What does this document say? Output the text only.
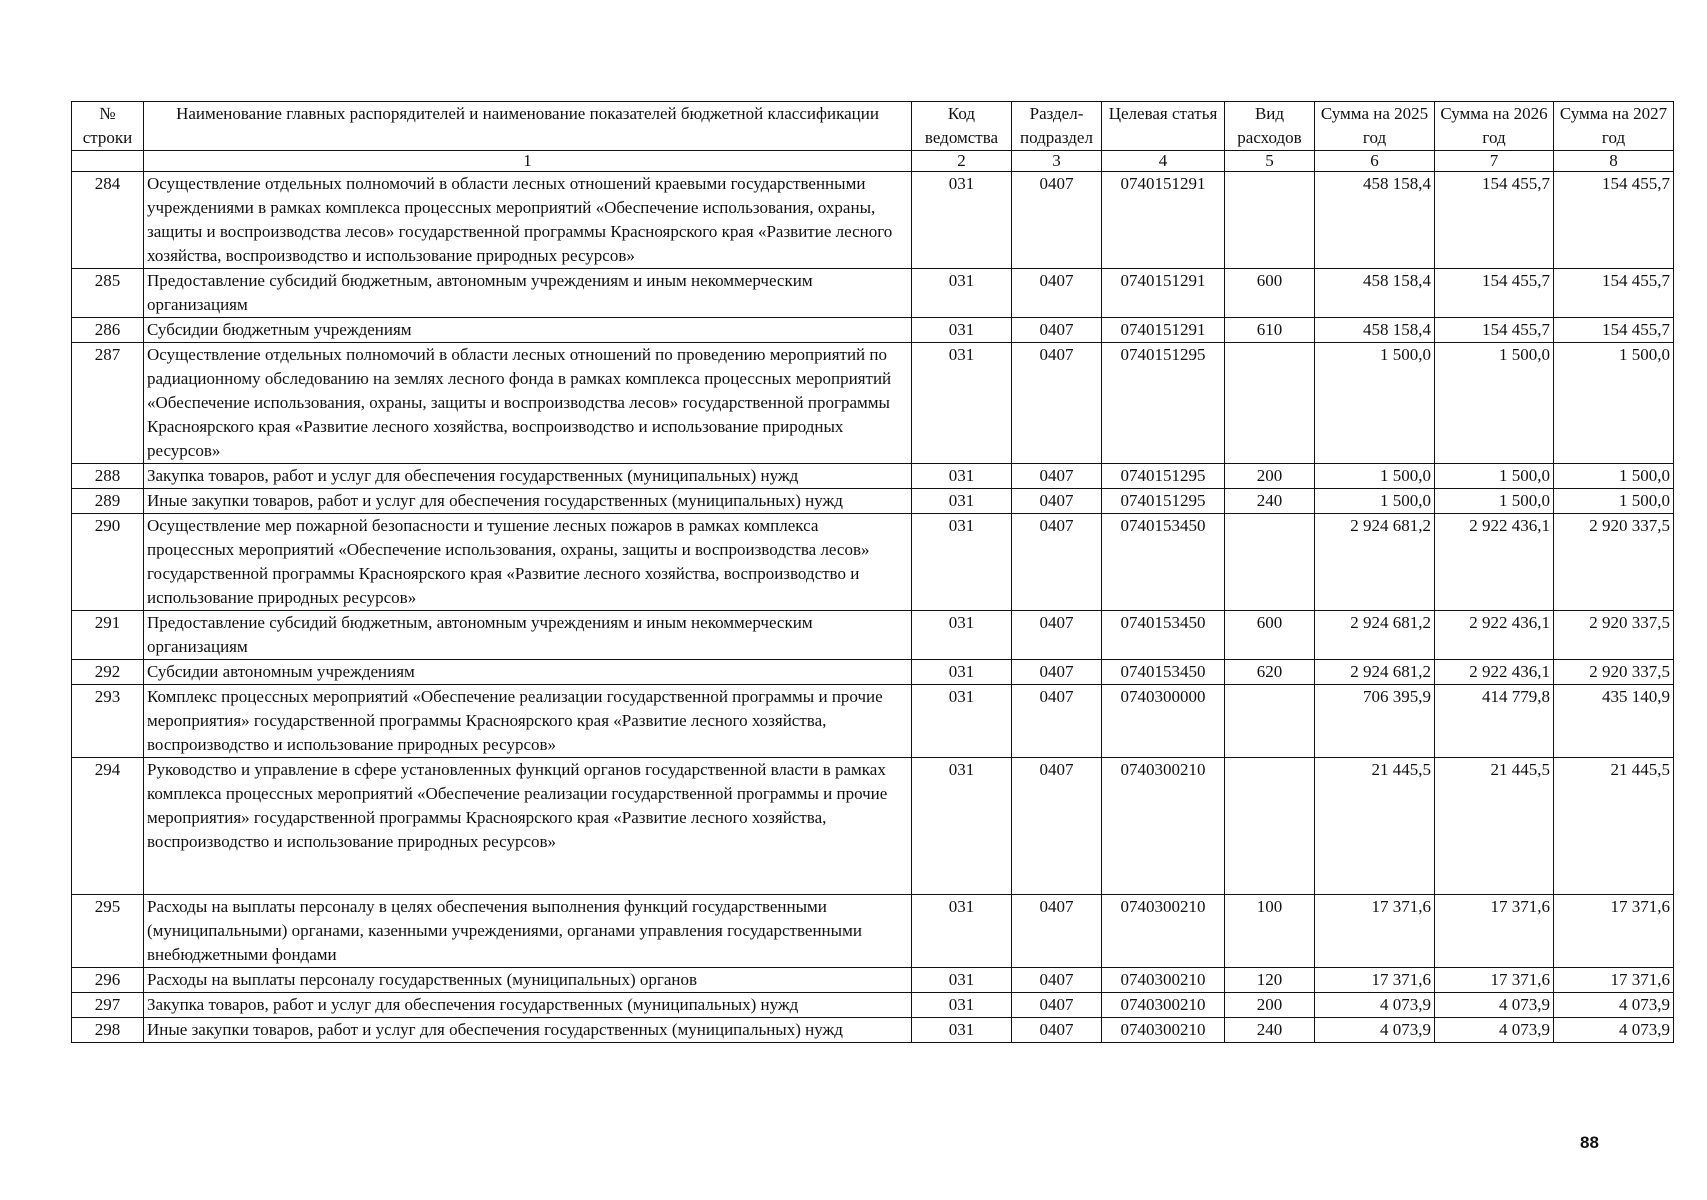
№ строки	Наименование главных распорядителей и наименование показателей бюджетной классификации	Код ведомства	Раздел-подраздел	Целевая статья	Вид расходов	Сумма на 2025 год	Сумма на 2026 год	Сумма на 2027 год
	1	2	3	4	5	6	7	8
284	Осуществление отдельных полномочий в области лесных отношений краевыми государственными учреждениями в рамках комплекса процессных мероприятий «Обеспечение использования, охраны, защиты и воспроизводства лесов» государственной программы Красноярского края «Развитие лесного хозяйства, воспроизводство и использование природных ресурсов»	031	0407	0740151291		458 158,4	154 455,7	154 455,7
285	Предоставление субсидий бюджетным, автономным учреждениям и иным некоммерческим организациям	031	0407	0740151291	600	458 158,4	154 455,7	154 455,7
286	Субсидии бюджетным учреждениям	031	0407	0740151291	610	458 158,4	154 455,7	154 455,7
287	Осуществление отдельных полномочий в области лесных отношений по проведению мероприятий по радиационному обследованию на землях лесного фонда в рамках комплекса процессных мероприятий «Обеспечение использования, охраны, защиты и воспроизводства лесов» государственной программы Красноярского края «Развитие лесного хозяйства, воспроизводство и использование природных ресурсов»	031	0407	0740151295		1 500,0	1 500,0	1 500,0
288	Закупка товаров, работ и услуг для обеспечения государственных (муниципальных) нужд	031	0407	0740151295	200	1 500,0	1 500,0	1 500,0
289	Иные закупки товаров, работ и услуг для обеспечения государственных (муниципальных) нужд	031	0407	0740151295	240	1 500,0	1 500,0	1 500,0
290	Осуществление мер пожарной безопасности и тушение лесных пожаров в рамках комплекса процессных мероприятий «Обеспечение использования, охраны, защиты и воспроизводства лесов» государственной программы Красноярского края «Развитие лесного хозяйства, воспроизводство и использование природных ресурсов»	031	0407	0740153450		2 924 681,2	2 922 436,1	2 920 337,5
291	Предоставление субсидий бюджетным, автономным учреждениям и иным некоммерческим организациям	031	0407	0740153450	600	2 924 681,2	2 922 436,1	2 920 337,5
292	Субсидии автономным учреждениям	031	0407	0740153450	620	2 924 681,2	2 922 436,1	2 920 337,5
293	Комплекс процессных мероприятий «Обеспечение реализации государственной программы и прочие мероприятия» государственной программы Красноярского края «Развитие лесного хозяйства, воспроизводство и использование природных ресурсов»	031	0407	0740300000		706 395,9	414 779,8	435 140,9
294	Руководство и управление в сфере установленных функций органов государственной власти в рамках комплекса процессных мероприятий «Обеспечение реализации государственной программы и прочие мероприятия» государственной программы Красноярского края «Развитие лесного хозяйства, воспроизводство и использование природных ресурсов»	031	0407	0740300210		21 445,5	21 445,5	21 445,5
295	Расходы на выплаты персоналу в целях обеспечения выполнения функций государственными (муниципальными) органами, казенными учреждениями, органами управления государственными внебюджетными фондами	031	0407	0740300210	100	17 371,6	17 371,6	17 371,6
296	Расходы на выплаты персоналу государственных (муниципальных) органов	031	0407	0740300210	120	17 371,6	17 371,6	17 371,6
297	Закупка товаров, работ и услуг для обеспечения государственных (муниципальных) нужд	031	0407	0740300210	200	4 073,9	4 073,9	4 073,9
298	Иные закупки товаров, работ и услуг для обеспечения государственных (муниципальных) нужд	031	0407	0740300210	240	4 073,9	4 073,9	4 073,9
88
